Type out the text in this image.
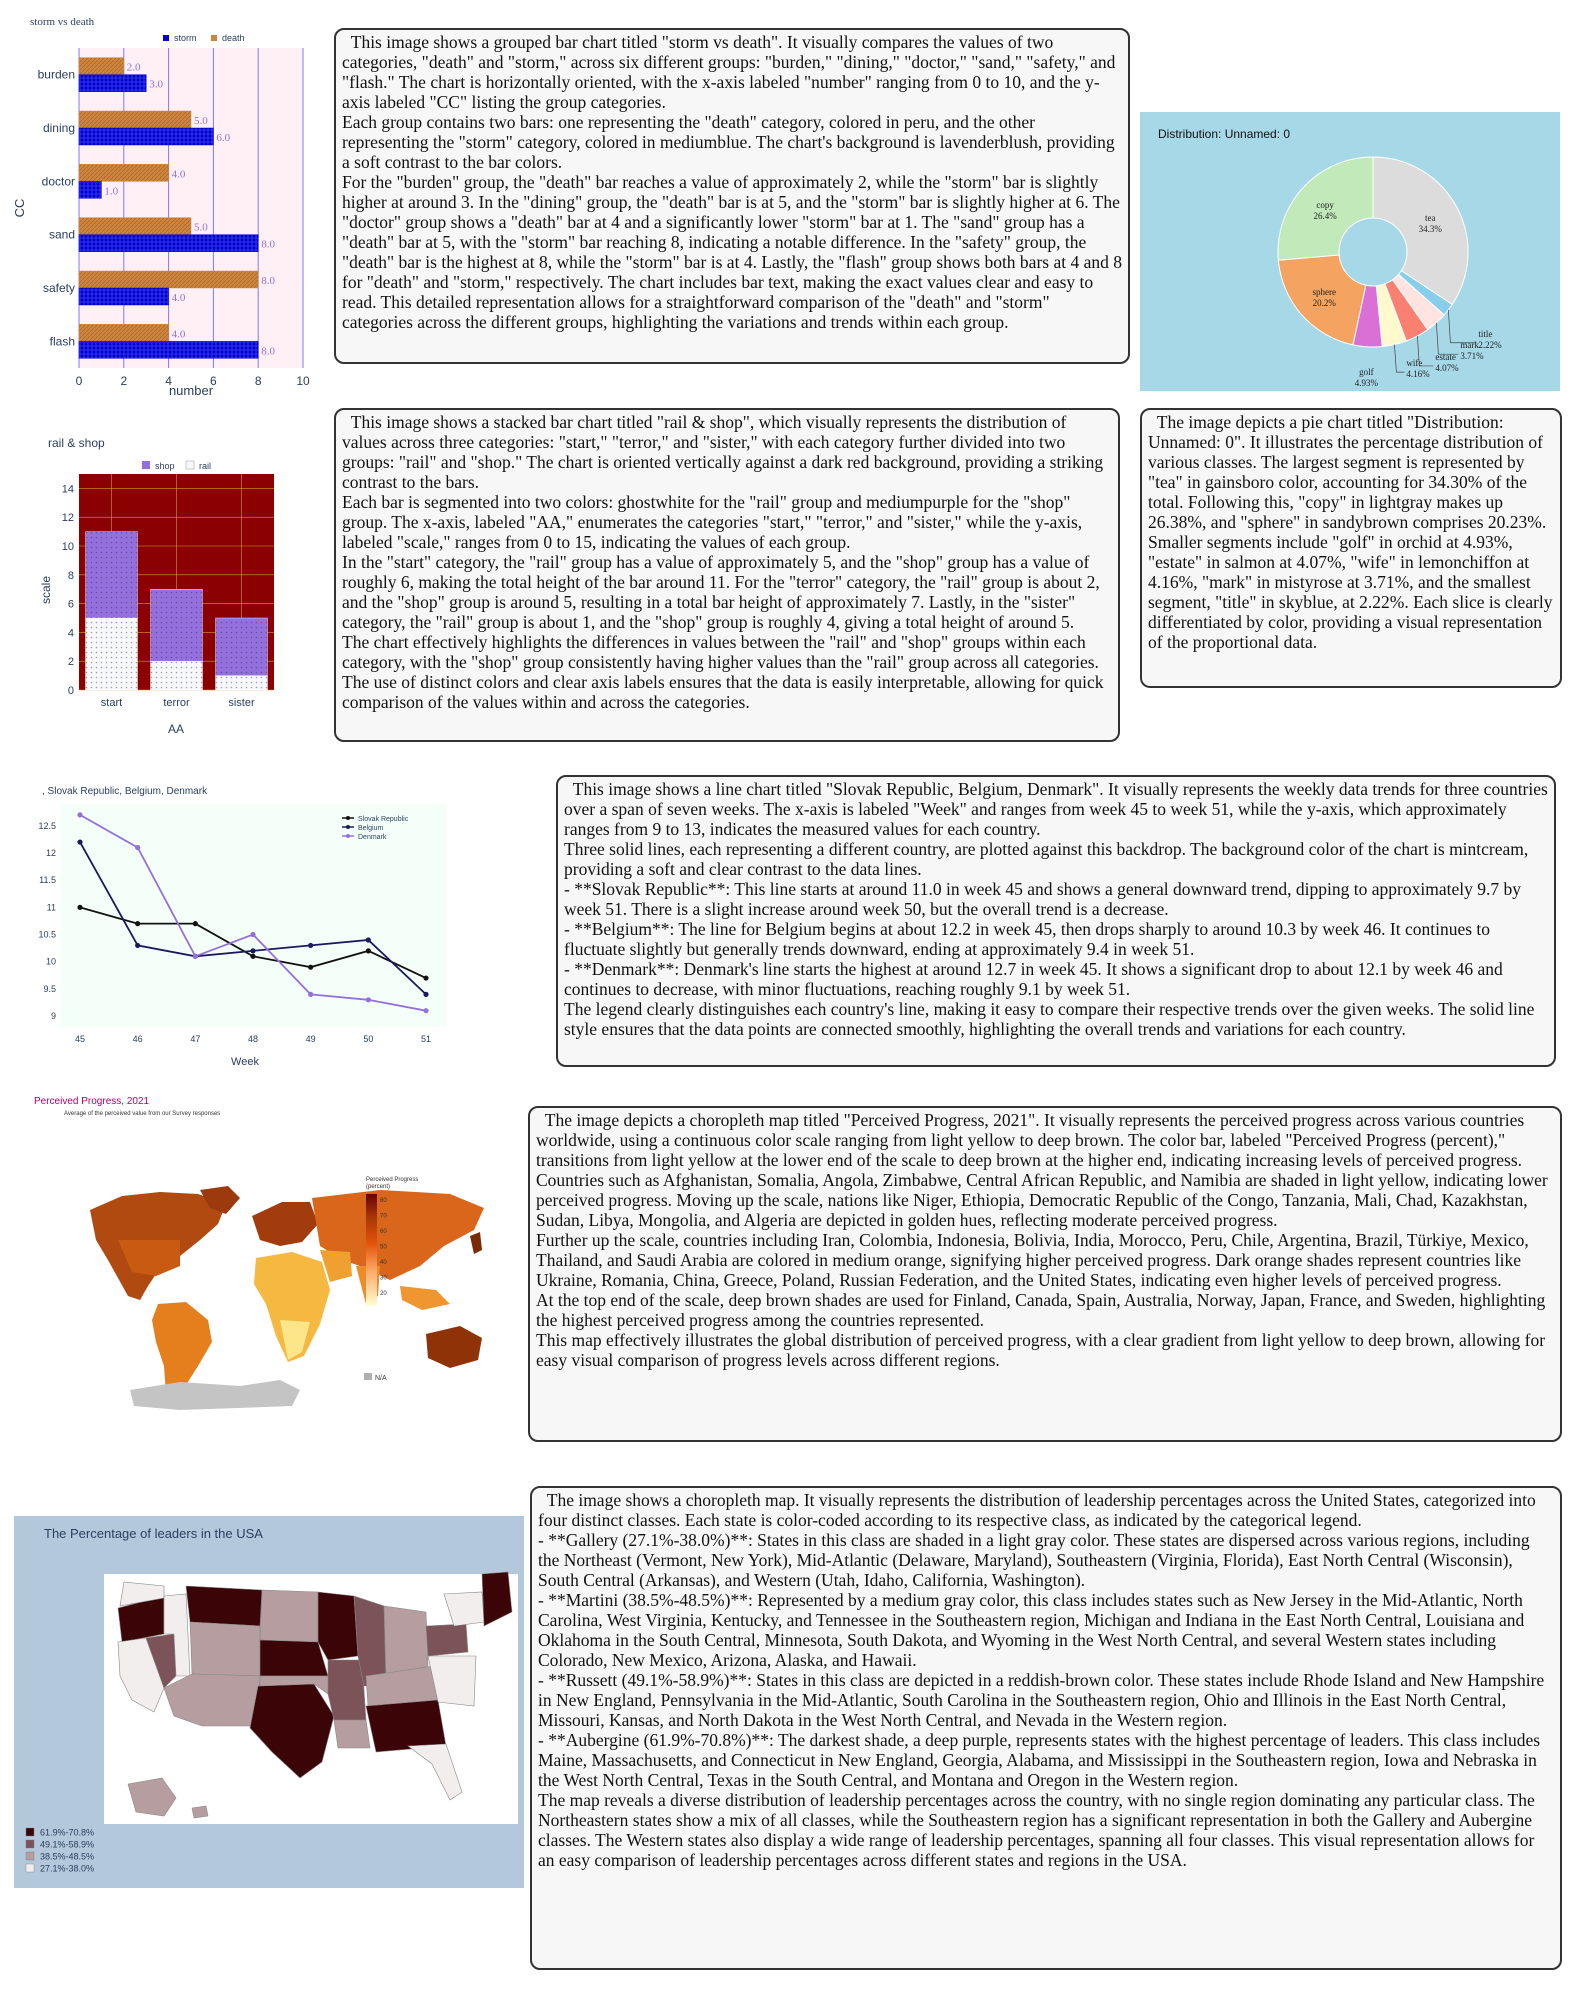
storm vs death
storm	death
2.0
3.0
5.0
6.0
4.0
1.0
5.0
8.0
8.0
4.0
4.0
8.0
burden
dining
doctor
sand
safety
flash
0	2	4	6	8	10
number
CC
This image shows a grouped bar chart titled "storm vs death". It visually compares the values of two categories, "death" and "storm," across six different groups: "burden," "dining," "doctor," "sand," "safety," and "flash." The chart is horizontally oriented, with the x-axis labeled "number" ranging from 0 to 10, and the y-axis labeled "CC" listing the group categories.
Each group contains two bars: one representing the "death" category, colored in peru, and the other representing the "storm" category, colored in mediumblue. The chart's background is lavenderblush, providing a soft contrast to the bar colors.
For the "burden" group, the "death" bar reaches a value of approximately 2, while the "storm" bar is slightly higher at around 3. In the "dining" group, the "death" bar is at 5, and the "storm" bar is slightly higher at 6. The "doctor" group shows a "death" bar at 4 and a significantly lower "storm" bar at 1. The "sand" group has a "death" bar at 5, with the "storm" bar reaching 8, indicating a notable difference. In the "safety" group, the "death" bar is the highest at 8, while the "storm" bar is at 4. Lastly, the "flash" group shows both bars at 4 and 8 for "death" and "storm," respectively. The chart includes bar text, making the exact values clear and easy to read. This detailed representation allows for a straightforward comparison of the "death" and "storm" categories across the different groups, highlighting the variations and trends within each group.
Distribution: Unnamed: 0
tea 34.3%
title 2.22%
mark 3.71%
estate 4.07%
wife 4.16%
golf 4.93%
sphere 20.2%
copy 26.4%
rail & shop
shop	rail
0
2
4
6
8
10
12
14
start	terror	sister
AA
scale
This image shows a stacked bar chart titled "rail & shop", which visually represents the distribution of values across three categories: "start," "terror," and "sister," with each category further divided into two groups: "rail" and "shop." The chart is oriented vertically against a dark red background, providing a striking contrast to the bars.
Each bar is segmented into two colors: ghostwhite for the "rail" group and mediumpurple for the "shop" group. The x-axis, labeled "AA," enumerates the categories "start," "terror," and "sister," while the y-axis, labeled "scale," ranges from 0 to 15, indicating the values of each group.
In the "start" category, the "rail" group has a value of approximately 5, and the "shop" group has a value of roughly 6, making the total height of the bar around 11. For the "terror" category, the "rail" group is about 2, and the "shop" group is around 5, resulting in a total bar height of approximately 7. Lastly, in the "sister" category, the "rail" group is about 1, and the "shop" group is roughly 4, giving a total height of around 5.
The chart effectively highlights the differences in values between the "rail" and "shop" groups within each category, with the "shop" group consistently having higher values than the "rail" group across all categories. The use of distinct colors and clear axis labels ensures that the data is easily interpretable, allowing for quick comparison of the values within and across the categories.
The image depicts a pie chart titled "Distribution: Unnamed: 0". It illustrates the percentage distribution of various classes. The largest segment is represented by "tea" in gainsboro color, accounting for 34.30% of the total. Following this, "copy" in lightgray makes up 26.38%, and "sphere" in sandybrown comprises 20.23%. Smaller segments include "golf" in orchid at 4.93%, "estate" in salmon at 4.07%, "wife" in lemonchiffon at 4.16%, "mark" in mistyrose at 3.71%, and the smallest segment, "title" in skyblue, at 2.22%. Each slice is clearly differentiated by color, providing a visual representation of the proportional data.
, Slovak Republic, Belgium, Denmark
9
9.5
10
10.5
11
11.5
12
12.5
45	46	47	48	49	50	51
Slovak Republic
Belgium
Denmark
Week
This image shows a line chart titled "Slovak Republic, Belgium, Denmark". It visually represents the weekly data trends for three countries over a span of seven weeks. The x-axis is labeled "Week" and ranges from week 45 to week 51, while the y-axis, which approximately ranges from 9 to 13, indicates the measured values for each country.
Three solid lines, each representing a different country, are plotted against this backdrop. The background color of the chart is mintcream, providing a soft and clear contrast to the data lines.
- **Slovak Republic**: This line starts at around 11.0 in week 45 and shows a general downward trend, dipping to approximately 9.7 by week 51. There is a slight increase around week 50, but the overall trend is a decrease.
- **Belgium**: The line for Belgium begins at about 12.2 in week 45, then drops sharply to around 10.3 by week 46. It continues to fluctuate slightly but generally trends downward, ending at approximately 9.4 in week 51.
- **Denmark**: Denmark's line starts the highest at around 12.7 in week 45. It shows a significant drop to about 12.1 by week 46 and continues to decrease, with minor fluctuations, reaching roughly 9.1 by week 51.
The legend clearly distinguishes each country's line, making it easy to compare their respective trends over the given weeks. The solid line style ensures that the data points are connected smoothly, highlighting the overall trends and variations for each country.
Perceived Progress, 2021
Average of the perceived value from our Survey responses
Perceived Progress (percent)
80
70
60
50
40
30
20
N/A
The image depicts a choropleth map titled "Perceived Progress, 2021". It visually represents the perceived progress across various countries worldwide, using a continuous color scale ranging from light yellow to deep brown. The color bar, labeled "Perceived Progress (percent)," transitions from light yellow at the lower end of the scale to deep brown at the higher end, indicating increasing levels of perceived progress.
Countries such as Afghanistan, Somalia, Angola, Zimbabwe, Central African Republic, and Namibia are shaded in light yellow, indicating lower perceived progress. Moving up the scale, nations like Niger, Ethiopia, Democratic Republic of the Congo, Tanzania, Mali, Chad, Kazakhstan, Sudan, Libya, Mongolia, and Algeria are depicted in golden hues, reflecting moderate perceived progress.
Further up the scale, countries including Iran, Colombia, Indonesia, Bolivia, India, Morocco, Peru, Chile, Argentina, Brazil, Türkiye, Mexico, Thailand, and Saudi Arabia are colored in medium orange, signifying higher perceived progress. Dark orange shades represent countries like Ukraine, Romania, China, Greece, Poland, Russian Federation, and the United States, indicating even higher levels of perceived progress.
At the top end of the scale, deep brown shades are used for Finland, Canada, Spain, Australia, Norway, Japan, France, and Sweden, highlighting the highest perceived progress among the countries represented.
This map effectively illustrates the global distribution of perceived progress, with a clear gradient from light yellow to deep brown, allowing for easy visual comparison of progress levels across different regions.
The Percentage of leaders in the USA
61.9%-70.8%
49.1%-58.9%
38.5%-48.5%
27.1%-38.0%
The image shows a choropleth map. It visually represents the distribution of leadership percentages across the United States, categorized into four distinct classes. Each state is color-coded according to its respective class, as indicated by the categorical legend.
- **Gallery (27.1%-38.0%)**: States in this class are shaded in a light gray color. These states are dispersed across various regions, including the Northeast (Vermont, New York), Mid-Atlantic (Delaware, Maryland), Southeastern (Virginia, Florida), East North Central (Wisconsin), South Central (Arkansas), and Western (Utah, Idaho, California, Washington).
- **Martini (38.5%-48.5%)**: Represented by a medium gray color, this class includes states such as New Jersey in the Mid-Atlantic, North Carolina, West Virginia, Kentucky, and Tennessee in the Southeastern region, Michigan and Indiana in the East North Central, Louisiana and Oklahoma in the South Central, Minnesota, South Dakota, and Wyoming in the West North Central, and several Western states including Colorado, New Mexico, Arizona, Alaska, and Hawaii.
- **Russett (49.1%-58.9%)**: States in this class are depicted in a reddish-brown color. These states include Rhode Island and New Hampshire in New England, Pennsylvania in the Mid-Atlantic, South Carolina in the Southeastern region, Ohio and Illinois in the East North Central, Missouri, Kansas, and North Dakota in the West North Central, and Nevada in the Western region.
- **Aubergine (61.9%-70.8%)**: The darkest shade, a deep purple, represents states with the highest percentage of leaders. This class includes Maine, Massachusetts, and Connecticut in New England, Georgia, Alabama, and Mississippi in the Southeastern region, Iowa and Nebraska in the West North Central, Texas in the South Central, and Montana and Oregon in the Western region.
The map reveals a diverse distribution of leadership percentages across the country, with no single region dominating any particular class. The Northeastern states show a mix of all classes, while the Southeastern region has a significant representation in both the Gallery and Aubergine classes. The Western states also display a wide range of leadership percentages, spanning all four classes. This visual representation allows for an easy comparison of leadership percentages across different states and regions in the USA.
